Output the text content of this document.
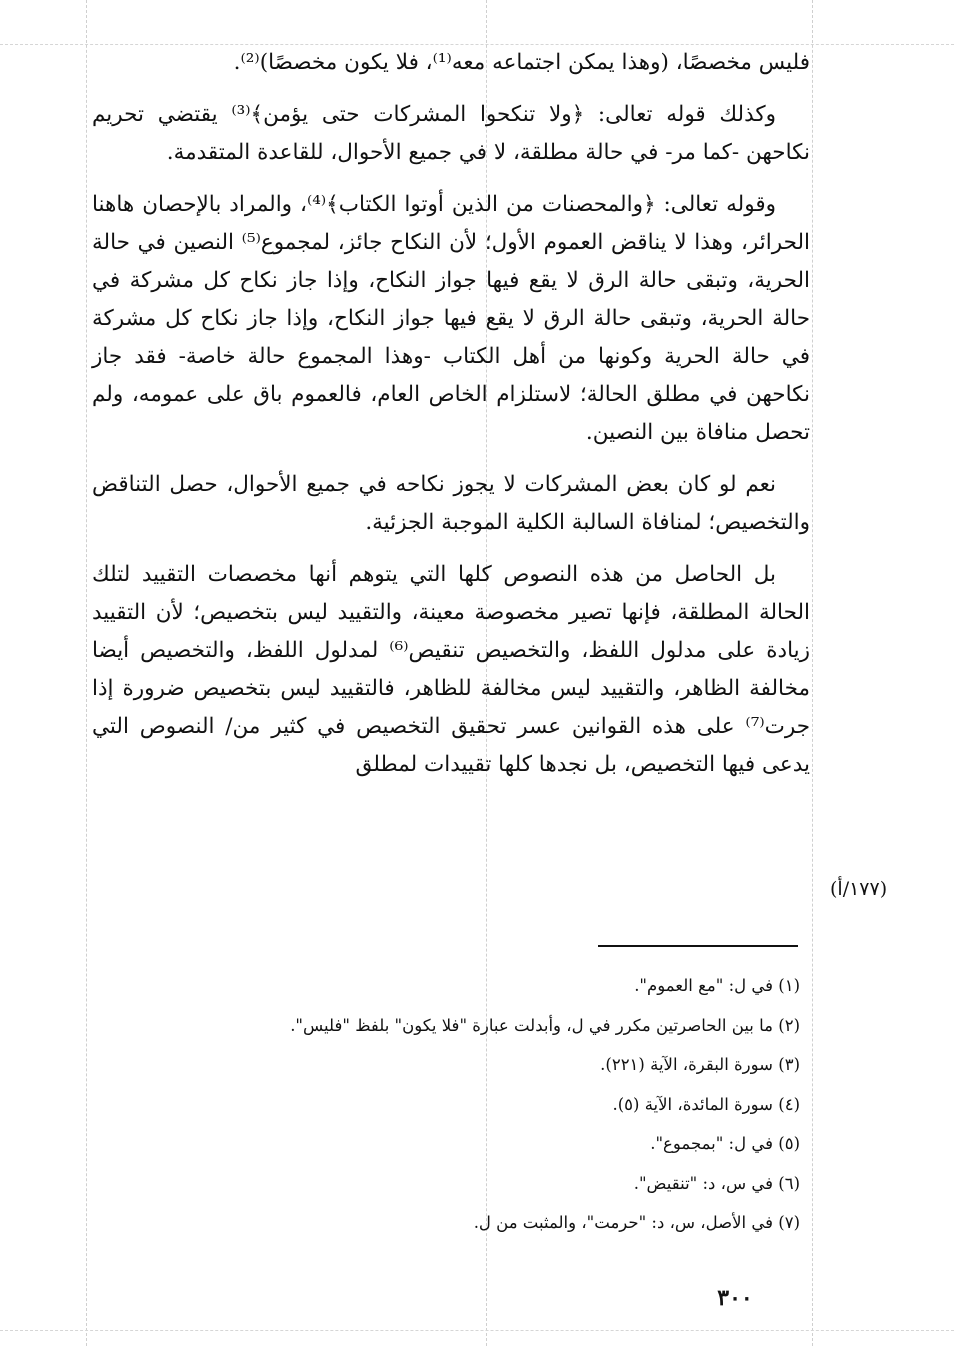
فليس مخصصًا، (وهذا يمكن اجتماعه معه⁽¹⁾، فلا يكون مخصصًا)⁽²⁾.

وكذلك قوله تعالى: ﴿ولا تنكحوا المشركات حتى يؤمن﴾⁽³⁾ يقتضي تحريم نكاحهن -كما مر- في حالة مطلقة، لا في جميع الأحوال، للقاعدة المتقدمة.

وقوله تعالى: ﴿والمحصنات من الذين أوتوا الكتاب﴾⁽⁴⁾، والمراد بالإحصان هاهنا الحرائر، وهذا لا يناقض العموم الأول؛ لأن النكاح جائز، لمجموع⁽⁵⁾ النصين في حالة الحرية، وتبقى حالة الرق لا يقع فيها جواز النكاح، وإذا جاز نكاح كل مشركة في حالة الحرية، وتبقى حالة الرق لا يقع فيها جواز النكاح، وإذا جاز نكاح كل مشركة في حالة الحرية وكونها من أهل الكتاب -وهذا المجموع حالة خاصة- فقد جاز نكاحهن في مطلق الحالة؛ لاستلزام الخاص العام، فالعموم باق على عمومه، ولم تحصل منافاة بين النصين.

نعم لو كان بعض المشركات لا يجوز نكاحه في جميع الأحوال، حصل التناقض والتخصيص؛ لمنافاة السالبة الكلية الموجبة الجزئية.

بل الحاصل من هذه النصوص كلها التي يتوهم أنها مخصصات التقييد لتلك الحالة المطلقة، فإنها تصير مخصوصة معينة، والتقييد ليس بتخصيص؛ لأن التقييد زيادة على مدلول اللفظ، والتخصيص تنقيص⁽⁶⁾ لمدلول اللفظ، والتخصيص أيضا مخالفة الظاهر، والتقييد ليس مخالفة للظاهر، فالتقييد ليس بتخصيص ضرورة إذا جرت⁽⁷⁾ على هذه القوانين عسر تحقيق التخصيص في كثير من/ النصوص التي يدعى فيها التخصيص، بل نجدها كلها تقييدات لمطلق

(١٧٧/أ)

(١) في ل: "مع العموم".

(٢) ما بين الحاصرتين مكرر في ل، وأبدلت عبارة "فلا يكون" بلفظ "فليس".

(٣) سورة البقرة، الآية (٢٢١).

(٤) سورة المائدة، الآية (٥).

(٥) في ل: "بمجموع".

(٦) في س، د: "تنقيض".

(٧) في الأصل، س، د: "حرمت"، والمثبت من ل.

٣٠٠
